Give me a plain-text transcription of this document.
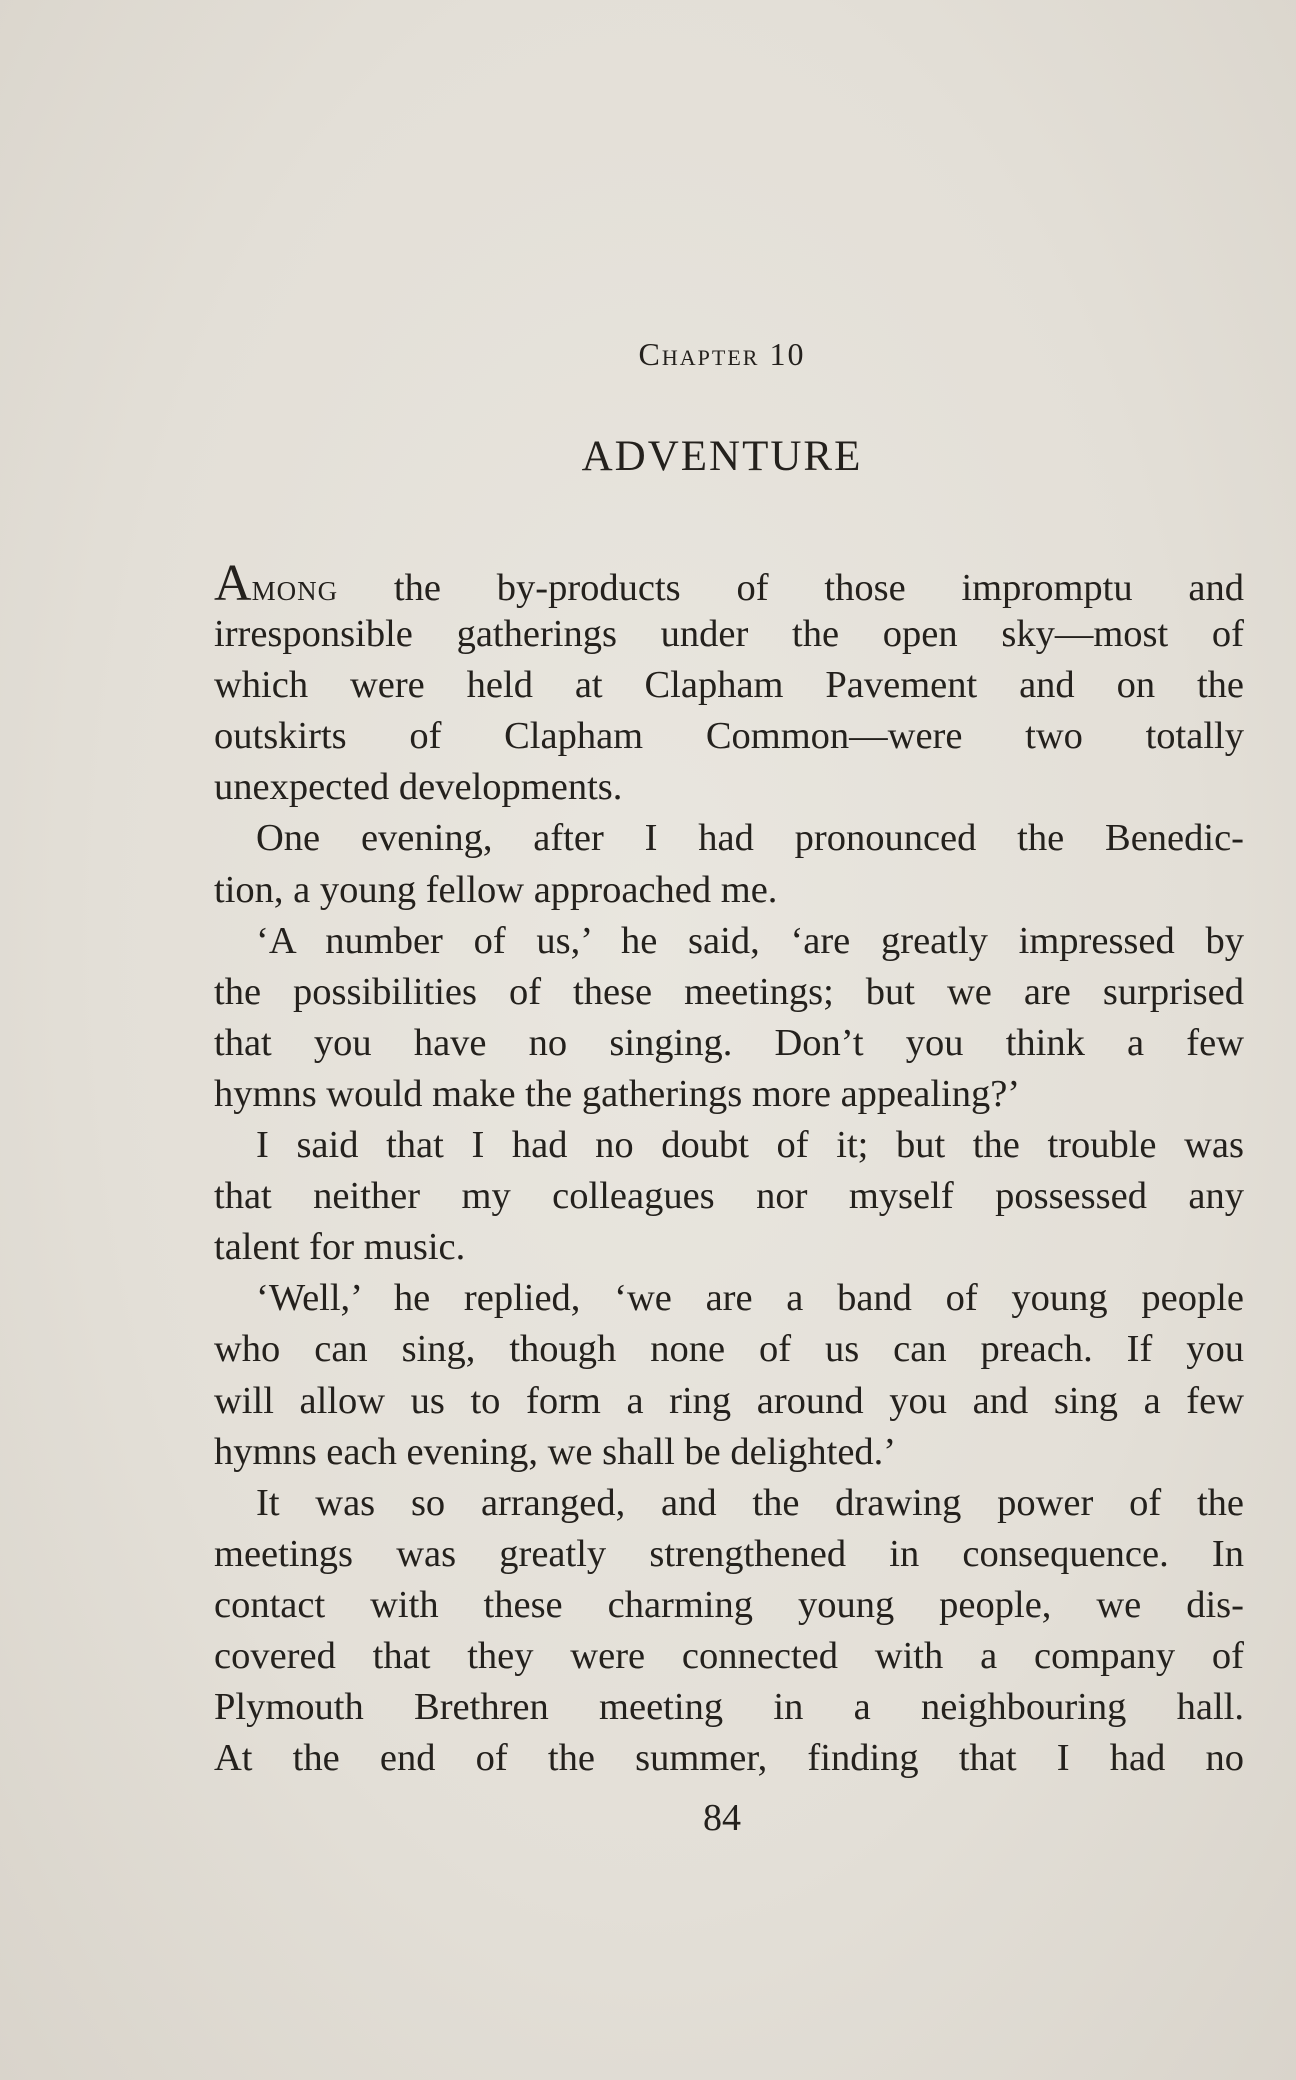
Chapter 10
ADVENTURE
Among the by-products of those impromptu and
irresponsible gatherings under the open sky—most of
which were held at Clapham Pavement and on the
outskirts of Clapham Common—were two totally
unexpected developments.
One evening, after I had pronounced the Benedic-
tion, a young fellow approached me.
‘A number of us,’ he said, ‘are greatly impressed by
the possibilities of these meetings; but we are surprised
that you have no singing. Don’t you think a few
hymns would make the gatherings more appealing?’
I said that I had no doubt of it; but the trouble was
that neither my colleagues nor myself possessed any
talent for music.
‘Well,’ he replied, ‘we are a band of young people
who can sing, though none of us can preach. If you
will allow us to form a ring around you and sing a few
hymns each evening, we shall be delighted.’
It was so arranged, and the drawing power of the
meetings was greatly strengthened in consequence. In
contact with these charming young people, we dis-
covered that they were connected with a company of
Plymouth Brethren meeting in a neighbouring hall.
At the end of the summer, finding that I had no
84
